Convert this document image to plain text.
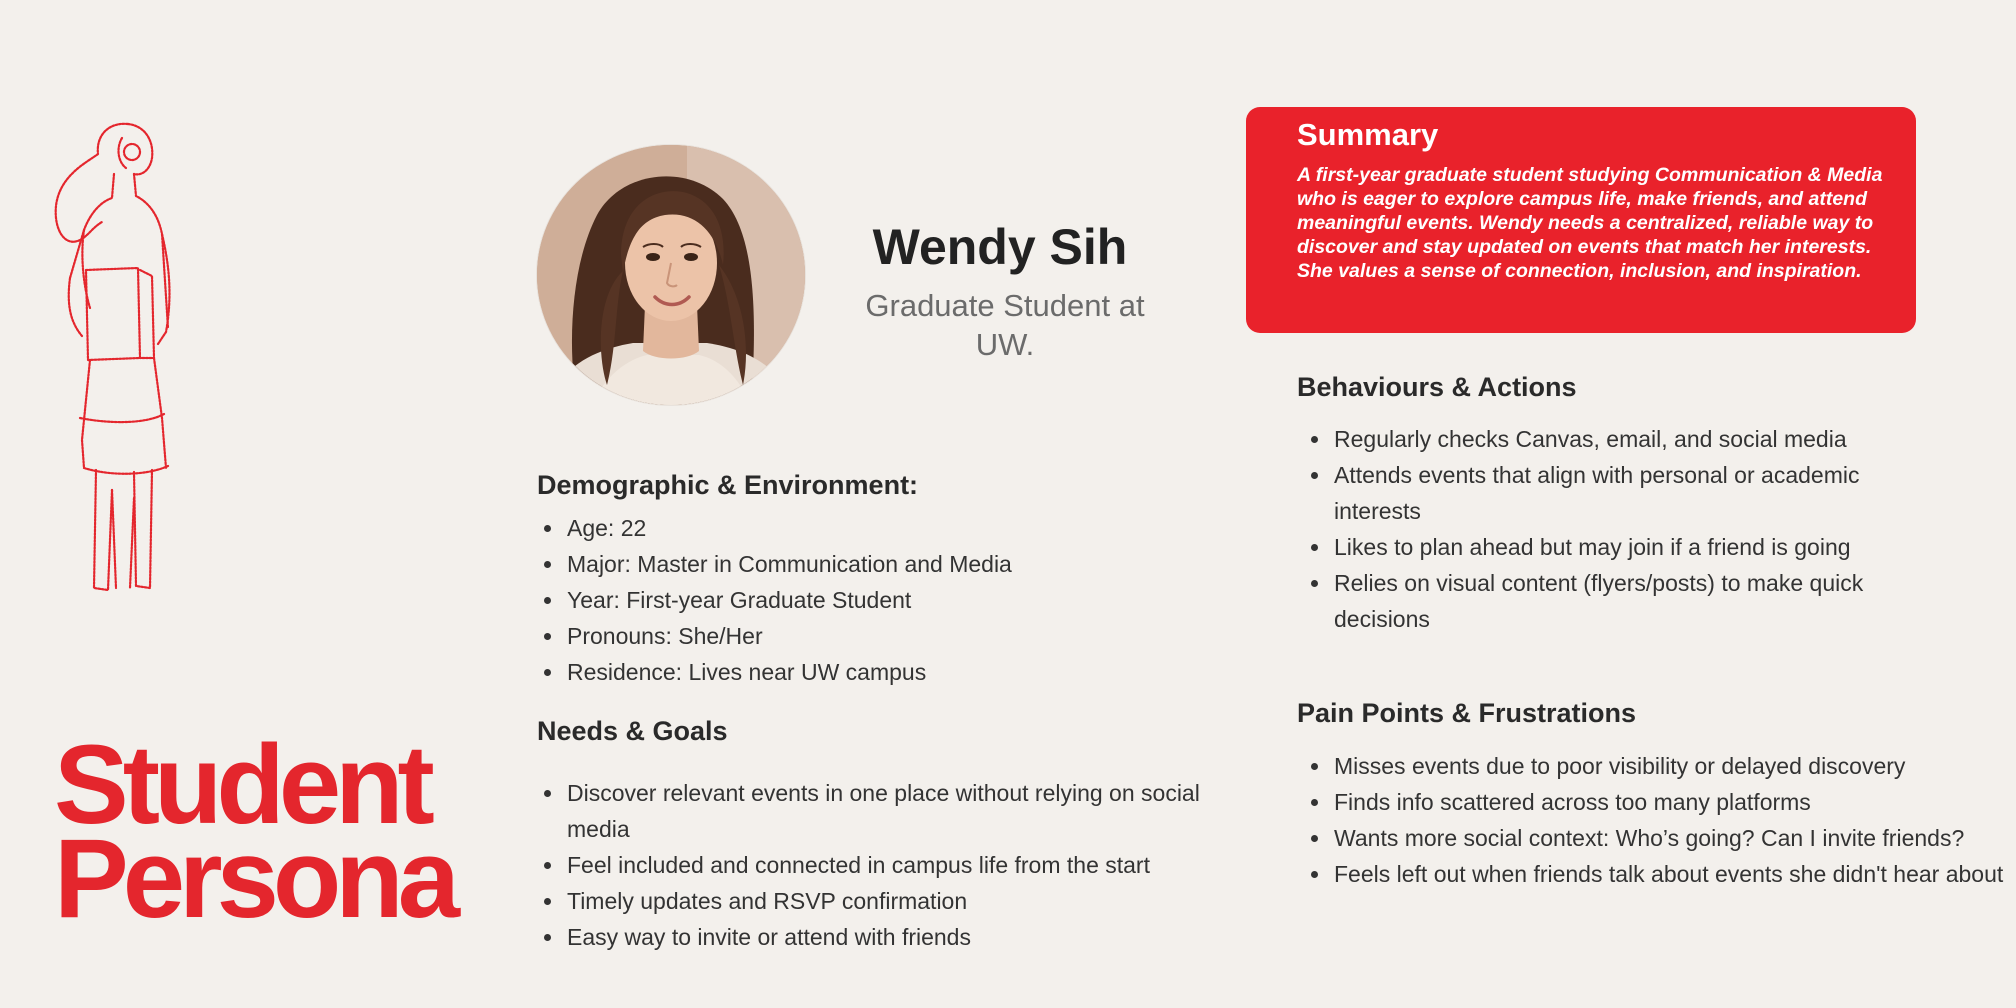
Student
Persona
Wendy Sih
Graduate Student at UW.
Demographic & Environment:
• Age: 22
• Major: Master in Communication and Media
• Year: First-year Graduate Student
• Pronouns: She/Her
• Residence: Lives near UW campus
Needs & Goals
• Discover relevant events in one place without relying on social media
• Feel included and connected in campus life from the start
• Timely updates and RSVP confirmation
• Easy way to invite or attend with friends
Summary
A first-year graduate student studying Communication & Media who is eager to explore campus life, make friends, and attend meaningful events. Wendy needs a centralized, reliable way to discover and stay updated on events that match her interests. She values a sense of connection, inclusion, and inspiration.
Behaviours & Actions
• Regularly checks Canvas, email, and social media
• Attends events that align with personal or academic interests
• Likes to plan ahead but may join if a friend is going
• Relies on visual content (flyers/posts) to make quick decisions
Pain Points & Frustrations
• Misses events due to poor visibility or delayed discovery
• Finds info scattered across too many platforms
• Wants more social context: Who’s going? Can I invite friends?
• Feels left out when friends talk about events she didn't hear about
